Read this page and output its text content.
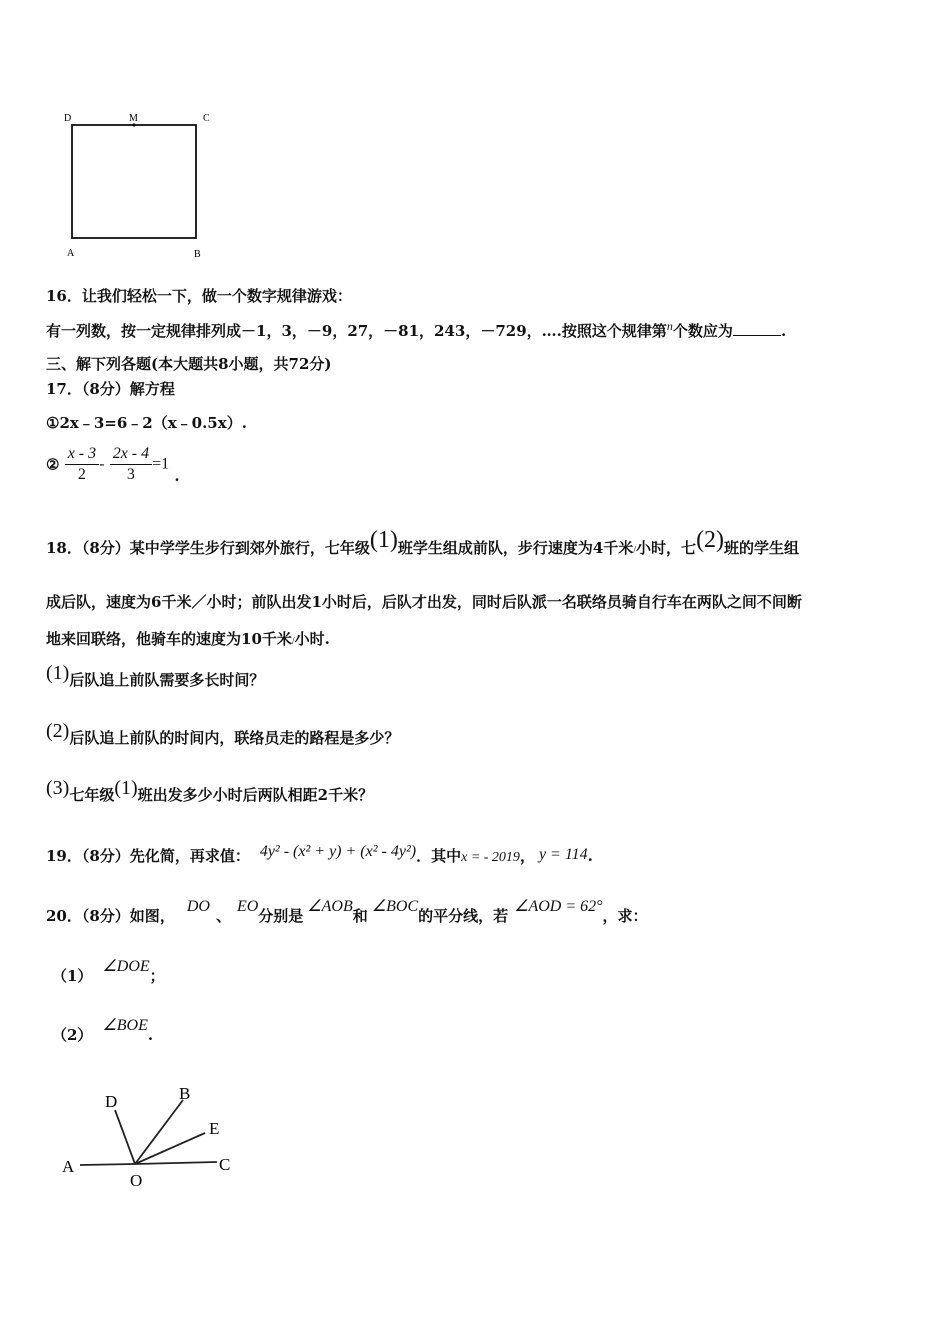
D	M	C
A	B
16．让我们轻松一下，做一个数字规律游戏：
有一列数，按一定规律排列成－1，3，－9，27，－81，243，－729，….按照这个规律第$^n$个数应为	.
三、解下列各题(本大题共8小题，共72分)
17．（8分）解方程
①2x﹣3=6﹣2（x﹣0.5x）.
② $\frac{x - 3}{2} - \frac{2x - 4}{3} =1$ .
18．（8分）某中学学生步行到郊外旅行，七年级(1)班学生组成前队，步行速度为4千米/小时，七(2)班的学生组
成后队，速度为6千米／小时；前队出发1小时后，后队才出发，同时后队派一名联络员骑自行车在两队之间不间断
地来回联络，他骑车的速度为10千米/小时.
(1)后队追上前队需要多长时间？
(2)后队追上前队的时间内，联络员走的路程是多少？
(3)七年级(1)班出发多少小时后两队相距2千米？
19．（8分）先化简，再求值： 4y² - (x² + y) + (x² - 4y²)．其中x = - 2019， y = 114.
20．（8分）如图，DO、EO分别是∠AOB和∠BOC的平分线，若∠AOD = 62°，求：
（1）∠DOE；
（2）∠BOE.
A
O
C
D	B
E
